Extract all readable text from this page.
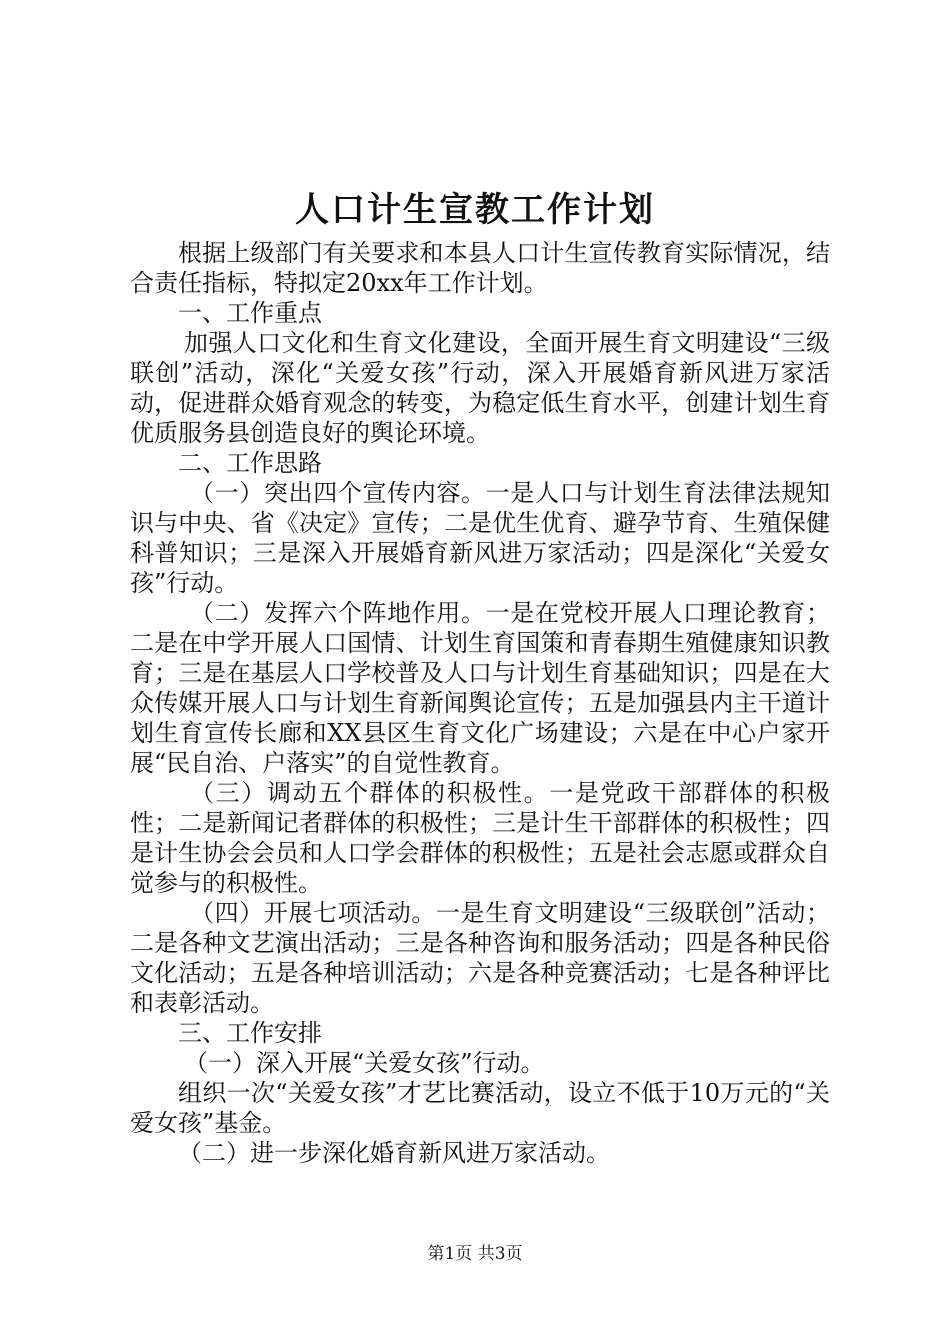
人口计生宣教工作计划

根据上级部门有关要求和本县人口计生宣传教育实际情况，结合责任指标，特拟定20xx年工作计划。

一、工作重点

加强人口文化和生育文化建设，全面开展生育文明建设“三级联创”活动，深化“关爱女孩”行动，深入开展婚育新风进万家活动，促进群众婚育观念的转变，为稳定低生育水平，创建计划生育优质服务县创造良好的舆论环境。

二、工作思路

（一）突出四个宣传内容。一是人口与计划生育法律法规知识与中央、省《决定》宣传；二是优生优育、避孕节育、生殖保健科普知识；三是深入开展婚育新风进万家活动；四是深化“关爱女孩”行动。

（二）发挥六个阵地作用。一是在党校开展人口理论教育；二是在中学开展人口国情、计划生育国策和青春期生殖健康知识教育；三是在基层人口学校普及人口与计划生育基础知识；四是在大众传媒开展人口与计划生育新闻舆论宣传；五是加强县内主干道计划生育宣传长廊和XX县区生育文化广场建设；六是在中心户家开展“民自治、户落实”的自觉性教育。

（三）调动五个群体的积极性。一是党政干部群体的积极性；二是新闻记者群体的积极性；三是计生干部群体的积极性；四是计生协会会员和人口学会群体的积极性；五是社会志愿或群众自觉参与的积极性。

（四）开展七项活动。一是生育文明建设“三级联创”活动；二是各种文艺演出活动；三是各种咨询和服务活动；四是各种民俗文化活动；五是各种培训活动；六是各种竞赛活动；七是各种评比和表彰活动。

三、工作安排

（一）深入开展“关爱女孩”行动。

组织一次“关爱女孩”才艺比赛活动，设立不低于10万元的“关爱女孩”基金。

（二）进一步深化婚育新风进万家活动。

第1页 共3页
